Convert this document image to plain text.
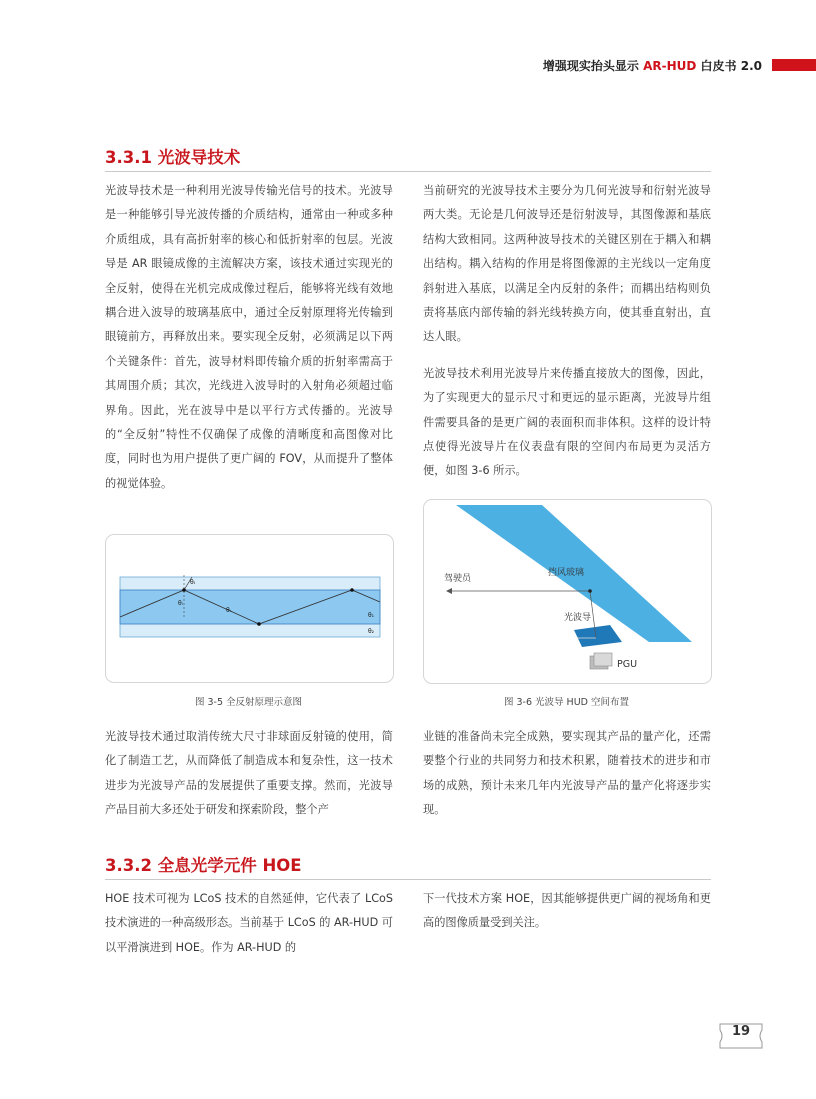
增强现实抬头显示 AR-HUD 白皮书 2.0
3.3.1 光波导技术

光波导技术是一种利用光波导传输光信号的技术。光波导是一种能够引导光波传播的介质结构，通常由一种或多种介质组成，具有高折射率的核心和低折射率的包层。光波导是 AR 眼镜成像的主流解决方案，该技术通过实现光的全反射，使得在光机完成成像过程后，能够将光线有效地耦合进入波导的玻璃基底中，通过全反射原理将光传输到眼镜前方，再释放出来。要实现全反射，必须满足以下两个关键条件：首先，波导材料即传输介质的折射率需高于其周围介质；其次，光线进入波导时的入射角必须超过临界角。因此，光在波导中是以平行方式传播的。光波导的“全反射”特性不仅确保了成像的清晰度和高图像对比度，同时也为用户提供了更广阔的 FOV，从而提升了整体的视觉体验。

当前研究的光波导技术主要分为几何光波导和衍射光波导两大类。无论是几何波导还是衍射波导，其图像源和基底结构大致相同。这两种波导技术的关键区别在于耦入和耦出结构。耦入结构的作用是将图像源的主光线以一定角度斜射进入基底，以满足全内反射的条件；而耦出结构则负责将基底内部传输的斜光线转换方向，使其垂直射出，直达人眼。

光波导技术利用光波导片来传播直接放大的图像，因此，为了实现更大的显示尺寸和更远的显示距离，光波导片组件需要具备的是更广阔的表面积而非体积。这样的设计特点使得光波导片在仪表盘有限的空间内布局更为灵活方便，如图 3-6 所示。

θᵢ
θᵣ
θₜ
θ₁
θ₂
图 3-5 全反射原理示意图
驾驶员
挡风玻璃
光波导
PGU
图 3-6 光波导 HUD 空间布置

光波导技术通过取消传统大尺寸非球面反射镜的使用，简化了制造工艺，从而降低了制造成本和复杂性，这一技术进步为光波导产品的发展提供了重要支撑。然而，光波导产品目前大多还处于研发和探索阶段，整个产

业链的准备尚未完全成熟，要实现其产品的量产化，还需要整个行业的共同努力和技术积累，随着技术的进步和市场的成熟，预计未来几年内光波导产品的量产化将逐步实现。

3.3.2 全息光学元件 HOE

HOE 技术可视为 LCoS 技术的自然延伸，它代表了 LCoS 技术演进的一种高级形态。当前基于 LCoS 的 AR-HUD 可以平滑演进到 HOE。作为 AR-HUD 的

下一代技术方案 HOE，因其能够提供更广阔的视场角和更高的图像质量受到关注。

19
